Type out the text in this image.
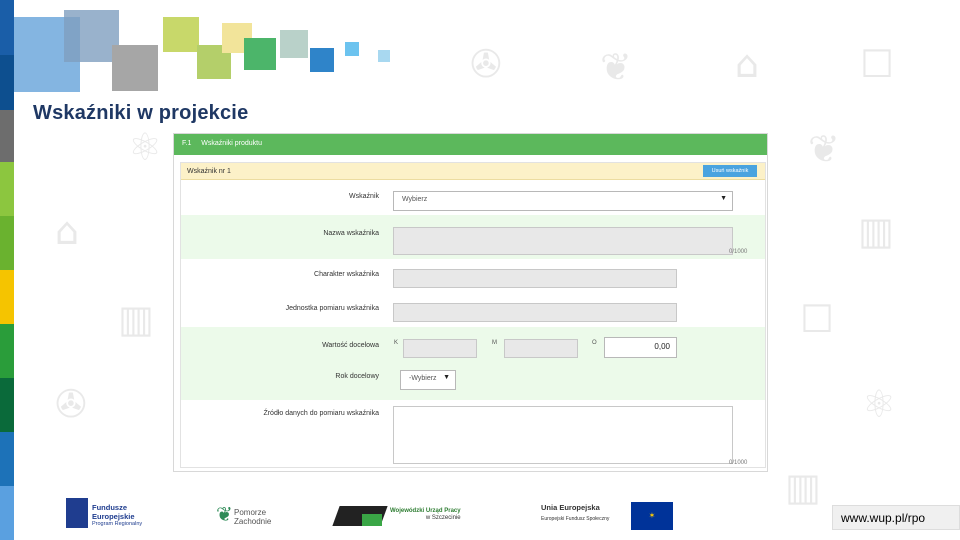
❦	⌂	☐
✇
⚛
⚛
❦
▥
▥
⌂
☐
✇
▥
Wskaźniki w projekcie
F.1 Wskaźniki produktu
Wskaźnik nr 1	Usuń wskaźnik
Wskaźnik	Wybierz	▼
Nazwa wskaźnika
0/1000
Charakter wskaźnika
Jednostka pomiaru wskaźnika
Wartość docelowa	K	M	O	0,00
Rok docelowy	-Wybierz ▼
Źródło danych do pomiaru wskaźnika
0/1000
Fundusze
Europejskie
Program Regionalny	❦ Pomorze
Zachodnie
Wojewódzki Urząd Pracy
w Szczecinie
Unia Europejska
Europejski Fundusz Społeczny	✶	www.wup.pl/rpo
